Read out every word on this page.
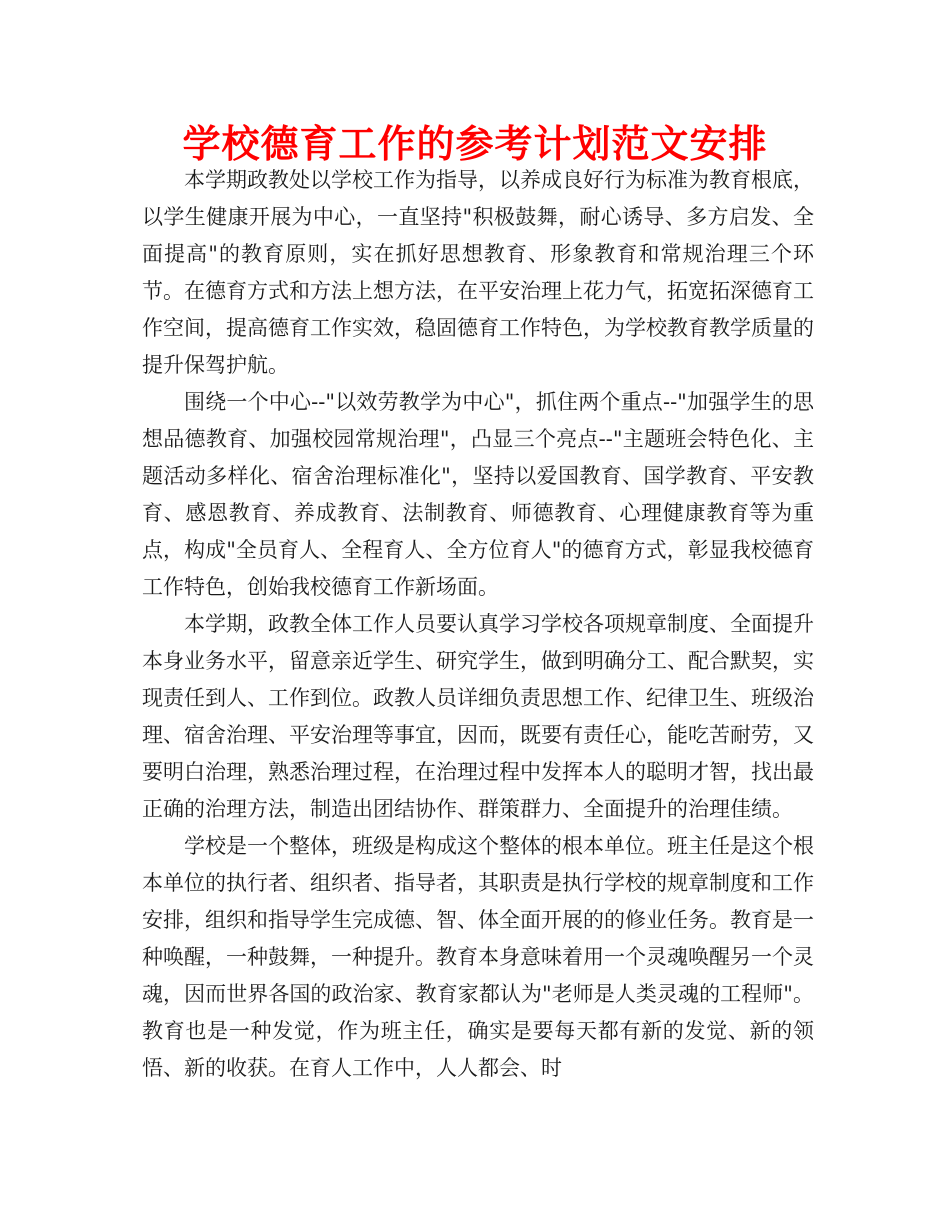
学校德育工作的参考计划范文安排

本学期政教处以学校工作为指导，以养成良好行为标准为教育根底，以学生健康开展为中心，一直坚持"积极鼓舞，耐心诱导、多方启发、全面提高"的教育原则，实在抓好思想教育、形象教育和常规治理三个环节。在德育方式和方法上想方法，在平安治理上花力气，拓宽拓深德育工作空间，提高德育工作实效，稳固德育工作特色，为学校教育教学质量的提升保驾护航。

围绕一个中心--"以效劳教学为中心"，抓住两个重点--"加强学生的思想品德教育、加强校园常规治理"，凸显三个亮点--"主题班会特色化、主题活动多样化、宿舍治理标准化"，坚持以爱国教育、国学教育、平安教育、感恩教育、养成教育、法制教育、师德教育、心理健康教育等为重点，构成"全员育人、全程育人、全方位育人"的德育方式，彰显我校德育工作特色，创始我校德育工作新场面。

本学期，政教全体工作人员要认真学习学校各项规章制度、全面提升本身业务水平，留意亲近学生、研究学生，做到明确分工、配合默契，实现责任到人、工作到位。政教人员详细负责思想工作、纪律卫生、班级治理、宿舍治理、平安治理等事宜，因而，既要有责任心，能吃苦耐劳，又要明白治理，熟悉治理过程，在治理过程中发挥本人的聪明才智，找出最正确的治理方法，制造出团结协作、群策群力、全面提升的治理佳绩。

学校是一个整体，班级是构成这个整体的根本单位。班主任是这个根本单位的执行者、组织者、指导者，其职责是执行学校的规章制度和工作安排，组织和指导学生完成德、智、体全面开展的的修业任务。教育是一种唤醒，一种鼓舞，一种提升。教育本身意味着用一个灵魂唤醒另一个灵魂，因而世界各国的政治家、教育家都认为"老师是人类灵魂的工程师"。教育也是一种发觉，作为班主任，确实是要每天都有新的发觉、新的领悟、新的收获。在育人工作中，人人都会、时
